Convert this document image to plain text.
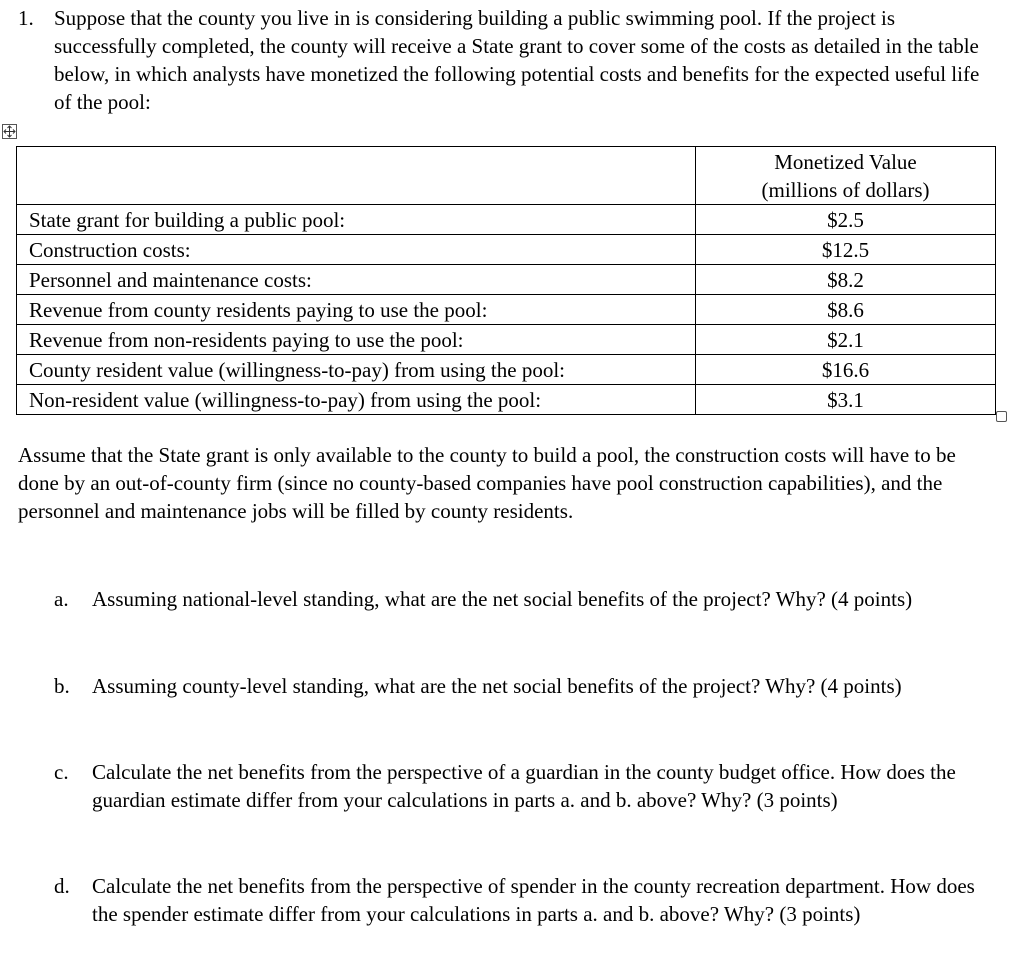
1. Suppose that the county you live in is considering building a public swimming pool. If the project is successfully completed, the county will receive a State grant to cover some of the costs as detailed in the table below, in which analysts have monetized the following potential costs and benefits for the expected useful life of the pool:
	Monetized Value
(millions of dollars)
State grant for building a public pool:	$2.5
Construction costs:	$12.5
Personnel and maintenance costs:	$8.2
Revenue from county residents paying to use the pool:	$8.6
Revenue from non-residents paying to use the pool:	$2.1
County resident value (willingness-to-pay) from using the pool:	$16.6
Non-resident value (willingness-to-pay) from using the pool:	$3.1
Assume that the State grant is only available to the county to build a pool, the construction costs will have to be done by an out-of-county firm (since no county-based companies have pool construction capabilities), and the personnel and maintenance jobs will be filled by county residents.
a. Assuming national-level standing, what are the net social benefits of the project? Why? (4 points)
b. Assuming county-level standing, what are the net social benefits of the project? Why? (4 points)
c. Calculate the net benefits from the perspective of a guardian in the county budget office. How does the guardian estimate differ from your calculations in parts a. and b. above? Why? (3 points)
d. Calculate the net benefits from the perspective of spender in the county recreation department. How does the spender estimate differ from your calculations in parts a. and b. above? Why? (3 points)
